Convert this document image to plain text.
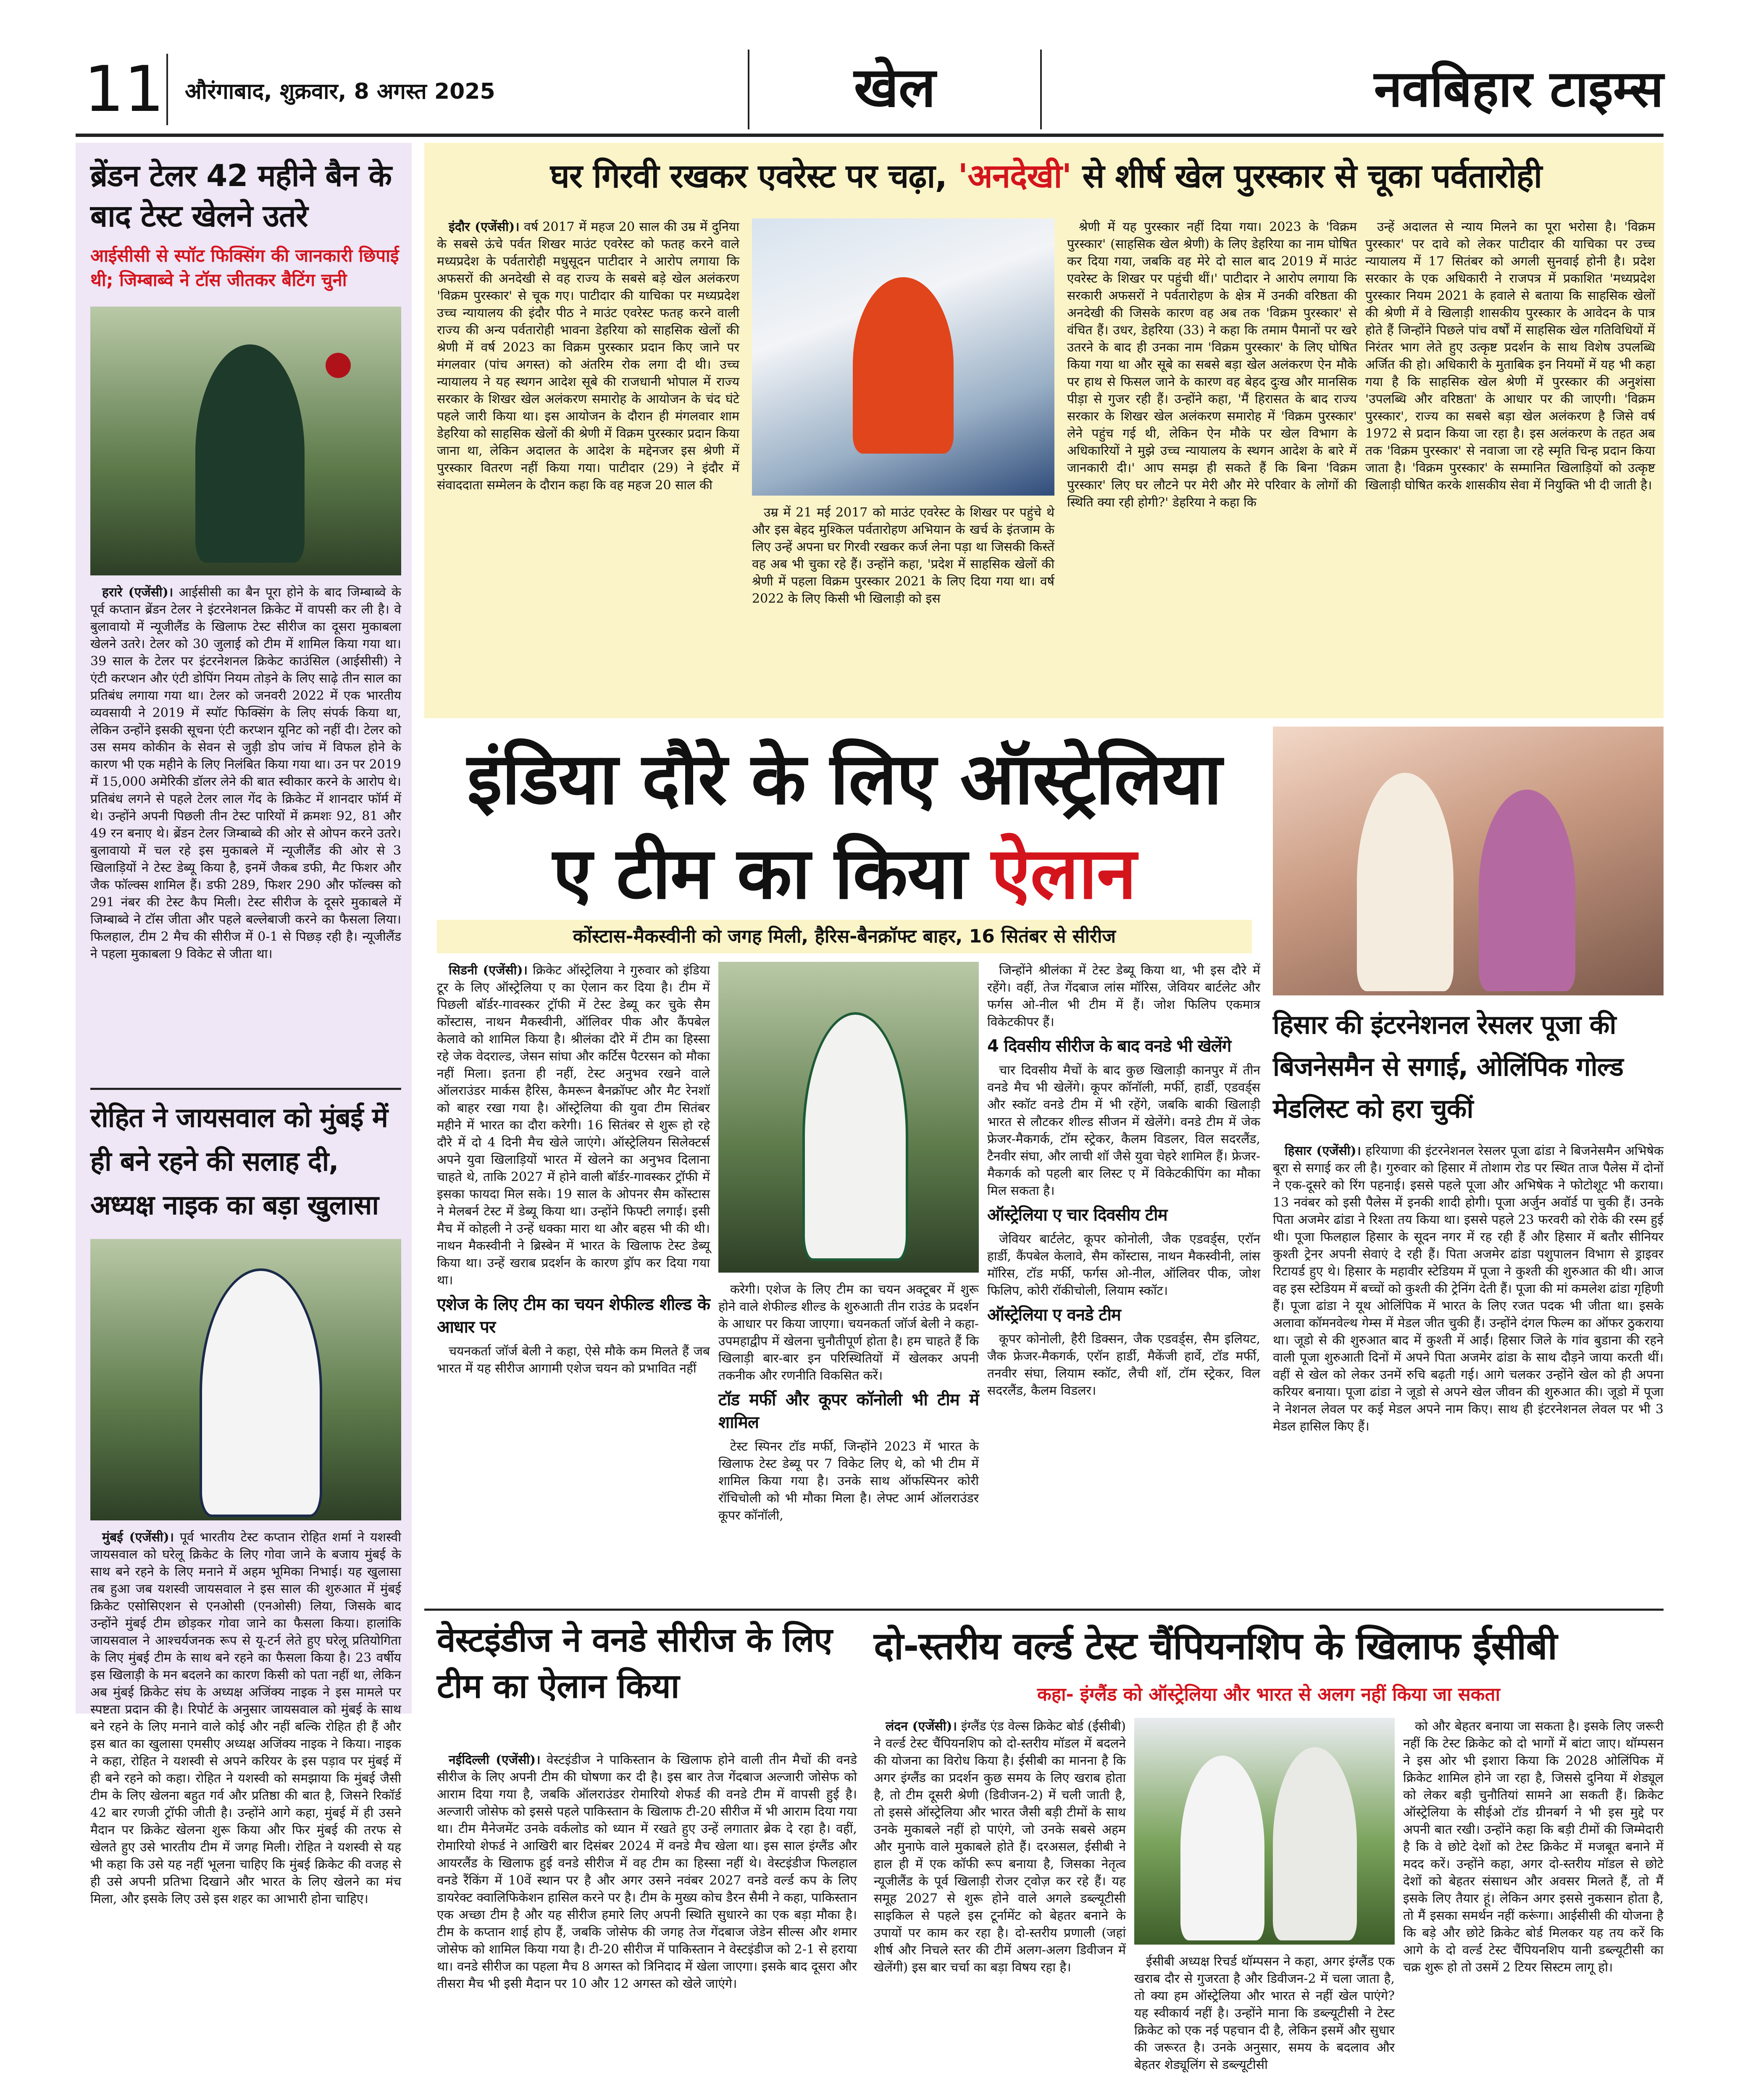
11 औरंगाबाद, शुक्रवार, 8 अगस्त 2025	खेल	नवबिहार टाइम्स
ब्रेंडन टेलर 42 महीने बैन के बाद टेस्ट खेलने उतरे
आईसीसी से स्पॉट फिक्सिंग की जानकारी छिपाई थी; जिम्बाब्वे ने टॉस जीतकर बैटिंग चुनी

हरारे (एजेंसी)। आईसीसी का बैन पूरा होने के बाद जिम्बाब्वे के पूर्व कप्तान ब्रेंडन टेलर ने इंटरनेशनल क्रिकेट में वापसी कर ली है। वे बुलावायो में न्यूजीलैंड के खिलाफ टेस्ट सीरीज का दूसरा मुकाबला खेलने उतरे। टेलर को 30 जुलाई को टीम में शामिल किया गया था। 39 साल के टेलर पर इंटरनेशनल क्रिकेट काउंसिल (आईसीसी) ने एंटी करप्शन और एंटी डोपिंग नियम तोड़ने के लिए साढ़े तीन साल का प्रतिबंध लगाया गया था। टेलर को जनवरी 2022 में एक भारतीय व्यवसायी ने 2019 में स्पॉट फिक्सिंग के लिए संपर्क किया था, लेकिन उन्होंने इसकी सूचना एंटी करप्शन यूनिट को नहीं दी। टेलर को उस समय कोकीन के सेवन से जुड़ी डोप जांच में विफल होने के कारण भी एक महीने के लिए निलंबित किया गया था। उन पर 2019 में 15,000 अमेरिकी डॉलर लेने की बात स्वीकार करने के आरोप थे। प्रतिबंध लगने से पहले टेलर लाल गेंद के क्रिकेट में शानदार फॉर्म में थे। उन्होंने अपनी पिछली तीन टेस्ट पारियों में क्रमशः 92, 81 और 49 रन बनाए थे। ब्रेंडन टेलर जिम्बाब्वे की ओर से ओपन करने उतरे। बुलावायो में चल रहे इस मुकाबले में न्यूजीलैंड की ओर से 3 खिलाड़ियों ने टेस्ट डेब्यू किया है, इनमें जैकब डफी, मैट फिशर और जैक फॉल्क्स शामिल हैं। डफी 289, फिशर 290 और फॉल्क्स को 291 नंबर की टेस्ट कैप मिली। टेस्ट सीरीज के दूसरे मुकाबले में जिम्बाब्वे ने टॉस जीता और पहले बल्लेबाजी करने का फैसला लिया। फिलहाल, टीम 2 मैच की सीरीज में 0-1 से पिछड़ रही है। न्यूजीलैंड ने पहला मुकाबला 9 विकेट से जीता था।

रोहित ने जायसवाल को मुंबई में ही बने रहने की सलाह दी, अध्यक्ष नाइक का बड़ा खुलासा

मुंबई (एजेंसी)। पूर्व भारतीय टेस्ट कप्तान रोहित शर्मा ने यशस्वी जायसवाल को घरेलू क्रिकेट के लिए गोवा जाने के बजाय मुंबई के साथ बने रहने के लिए मनाने में अहम भूमिका निभाई। यह खुलासा तब हुआ जब यशस्वी जायसवाल ने इस साल की शुरुआत में मुंबई क्रिकेट एसोसिएशन से एनओसी (एनओसी) लिया, जिसके बाद उन्होंने मुंबई टीम छोड़कर गोवा जाने का फैसला किया। हालांकि जायसवाल ने आश्चर्यजनक रूप से यू-टर्न लेते हुए घरेलू प्रतियोगिता के लिए मुंबई टीम के साथ बने रहने का फैसला किया है। 23 वर्षीय इस खिलाड़ी के मन बदलने का कारण किसी को पता नहीं था, लेकिन अब मुंबई क्रिकेट संघ के अध्यक्ष अजिंक्य नाइक ने इस मामले पर स्पष्टता प्रदान की है। रिपोर्ट के अनुसार जायसवाल को मुंबई के साथ बने रहने के लिए मनाने वाले कोई और नहीं बल्कि रोहित ही हैं और इस बात का खुलासा एमसीए अध्यक्ष अजिंक्य नाइक ने किया। नाइक ने कहा, रोहित ने यशस्वी से अपने करियर के इस पड़ाव पर मुंबई में ही बने रहने को कहा। रोहित ने यशस्वी को समझाया कि मुंबई जैसी टीम के लिए खेलना बहुत गर्व और प्रतिष्ठा की बात है, जिसने रिकॉर्ड 42 बार रणजी ट्रॉफी जीती है। उन्होंने आगे कहा, मुंबई में ही उसने मैदान पर क्रिकेट खेलना शुरू किया और फिर मुंबई की तरफ से खेलते हुए उसे भारतीय टीम में जगह मिली। रोहित ने यशस्वी से यह भी कहा कि उसे यह नहीं भूलना चाहिए कि मुंबई क्रिकेट की वजह से ही उसे अपनी प्रतिभा दिखाने और भारत के लिए खेलने का मंच मिला, और इसके लिए उसे इस शहर का आभारी होना चाहिए।

घर गिरवी रखकर एवरेस्ट पर चढ़ा, 'अनदेखी' से शीर्ष खेल पुरस्कार से चूका पर्वतारोही

इंदौर (एजेंसी)। वर्ष 2017 में महज 20 साल की उम्र में दुनिया के सबसे ऊंचे पर्वत शिखर माउंट एवरेस्ट को फतह करने वाले मध्यप्रदेश के पर्वतारोही मधुसूदन पाटीदार ने आरोप लगाया कि अफसरों की अनदेखी से वह राज्य के सबसे बड़े खेल अलंकरण 'विक्रम पुरस्कार' से चूक गए। पाटीदार की याचिका पर मध्यप्रदेश उच्च न्यायालय की इंदौर पीठ ने माउंट एवरेस्ट फतह करने वाली राज्य की अन्य पर्वतारोही भावना डेहरिया को साहसिक खेलों की श्रेणी में वर्ष 2023 का विक्रम पुरस्कार प्रदान किए जाने पर मंगलवार (पांच अगस्त) को अंतरिम रोक लगा दी थी। उच्च न्यायालय ने यह स्थगन आदेश सूबे की राजधानी भोपाल में राज्य सरकार के शिखर खेल अलंकरण समारोह के आयोजन के चंद घंटे पहले जारी किया था। इस आयोजन के दौरान ही मंगलवार शाम डेहरिया को साहसिक खेलों की श्रेणी में विक्रम पुरस्कार प्रदान किया जाना था, लेकिन अदालत के आदेश के मद्देनजर इस श्रेणी में पुरस्कार वितरण नहीं किया गया। पाटीदार (29) ने इंदौर में संवाददाता सम्मेलन के दौरान कहा कि वह महज 20 साल की

उम्र में 21 मई 2017 को माउंट एवरेस्ट के शिखर पर पहुंचे थे और इस बेहद मुश्किल पर्वतारोहण अभियान के खर्च के इंतजाम के लिए उन्हें अपना घर गिरवी रखकर कर्ज लेना पड़ा था जिसकी किस्तें वह अब भी चुका रहे हैं। उन्होंने कहा, 'प्रदेश में साहसिक खेलों की श्रेणी में पहला विक्रम पुरस्कार 2021 के लिए दिया गया था। वर्ष 2022 के लिए किसी भी खिलाड़ी को इस

श्रेणी में यह पुरस्कार नहीं दिया गया। 2023 के 'विक्रम पुरस्कार' (साहसिक खेल श्रेणी) के लिए डेहरिया का नाम घोषित कर दिया गया, जबकि वह मेरे दो साल बाद 2019 में माउंट एवरेस्ट के शिखर पर पहुंची थीं।' पाटीदार ने आरोप लगाया कि सरकारी अफसरों ने पर्वतारोहण के क्षेत्र में उनकी वरिष्ठता की अनदेखी की जिसके कारण वह अब तक 'विक्रम पुरस्कार' से वंचित हैं। उधर, डेहरिया (33) ने कहा कि तमाम पैमानों पर खरे उतरने के बाद ही उनका नाम 'विक्रम पुरस्कार' के लिए घोषित किया गया था और सूबे का सबसे बड़ा खेल अलंकरण ऐन मौके पर हाथ से फिसल जाने के कारण वह बेहद दुःख और मानसिक पीड़ा से गुजर रही हैं। उन्होंने कहा, 'मैं हिरासत के बाद राज्य सरकार के शिखर खेल अलंकरण समारोह में 'विक्रम पुरस्कार' लेने पहुंच गई थी, लेकिन ऐन मौके पर खेल विभाग के अधिकारियों ने मुझे उच्च न्यायालय के स्थगन आदेश के बारे में जानकारी दी।' आप समझ ही सकते हैं कि बिना 'विक्रम पुरस्कार' लिए घर लौटने पर मेरी और मेरे परिवार के लोगों की स्थिति क्या रही होगी?' डेहरिया ने कहा कि

उन्हें अदालत से न्याय मिलने का पूरा भरोसा है। 'विक्रम पुरस्कार' पर दावे को लेकर पाटीदार की याचिका पर उच्च न्यायालय में 17 सितंबर को अगली सुनवाई होनी है। प्रदेश सरकार के एक अधिकारी ने राजपत्र में प्रकाशित 'मध्यप्रदेश पुरस्कार नियम 2021 के हवाले से बताया कि साहसिक खेलों की श्रेणी में वे खिलाड़ी शासकीय पुरस्कार के आवेदन के पात्र होते हैं जिन्होंने पिछले पांच वर्षों में साहसिक खेल गतिविधियों में निरंतर भाग लेते हुए उत्कृष्ट प्रदर्शन के साथ विशेष उपलब्धि अर्जित की हो। अधिकारी के मुताबिक इन नियमों में यह भी कहा गया है कि साहसिक खेल श्रेणी में पुरस्कार की अनुशंसा 'उपलब्धि और वरिष्ठता' के आधार पर की जाएगी। 'विक्रम पुरस्कार', राज्य का सबसे बड़ा खेल अलंकरण है जिसे वर्ष 1972 से प्रदान किया जा रहा है। इस अलंकरण के तहत अब तक 'विक्रम पुरस्कार' से नवाजा जा रहे स्मृति चिन्ह प्रदान किया जाता है। 'विक्रम पुरस्कार' के सम्मानित खिलाड़ियों को उत्कृष्ट खिलाड़ी घोषित करके शासकीय सेवा में नियुक्ति भी दी जाती है।

इंडिया दौरे के लिए ऑस्ट्रेलिया
ए टीम का किया ऐलान
कोंस्टास-मैकस्वीनी को जगह मिली, हैरिस-बैनक्रॉफ्ट बाहर, 16 सितंबर से सीरीज

सिडनी (एजेंसी)। क्रिकेट ऑस्ट्रेलिया ने गुरुवार को इंडिया टूर के लिए ऑस्ट्रेलिया ए का ऐलान कर दिया है। टीम में पिछली बॉर्डर-गावस्कर ट्रॉफी में टेस्ट डेब्यू कर चुके सैम कोंस्टास, नाथन मैकस्वीनी, ऑलिवर पीक और कैंपबेल केलावे को शामिल किया है। श्रीलंका दौरे में टीम का हिस्सा रहे जेक वेदराल्ड, जेसन सांघा और कर्टिस पैटरसन को मौका नहीं मिला। इतना ही नहीं, टेस्ट अनुभव रखने वाले ऑलराउंडर मार्कस हैरिस, कैमरून बैनक्रॉफ्ट और मैट रेनशॉ को बाहर रखा गया है। ऑस्ट्रेलिया की युवा टीम सितंबर महीने में भारत का दौरा करेगी। 16 सितंबर से शुरू हो रहे दौरे में दो 4 दिनी मैच खेले जाएंगे। ऑस्ट्रेलियन सिलेक्टर्स अपने युवा खिलाड़ियों भारत में खेलने का अनुभव दिलाना चाहते थे, ताकि 2027 में होने वाली बॉर्डर-गावस्कर ट्रॉफी में इसका फायदा मिल सके। 19 साल के ओपनर सैम कोंस्टास ने मेलबर्न टेस्ट में डेब्यू किया था। उन्होंने फिफ्टी लगाई। इसी मैच में कोहली ने उन्हें धक्का मारा था और बहस भी की थी। नाथन मैकस्वीनी ने ब्रिस्बेन में भारत के खिलाफ टेस्ट डेब्यू किया था। उन्हें खराब प्रदर्शन के कारण ड्रॉप कर दिया गया था।

एशेज के लिए टीम का चयन शेफील्ड शील्ड के आधार पर

चयनकर्ता जॉर्ज बेली ने कहा, ऐसे मौके कम मिलते हैं जब भारत में यह सीरीज आगामी एशेज चयन को प्रभावित नहीं

करेगी। एशेज के लिए टीम का चयन अक्टूबर में शुरू होने वाले शेफील्ड शील्ड के शुरुआती तीन राउंड के प्रदर्शन के आधार पर किया जाएगा। चयनकर्ता जॉर्ज बेली ने कहा- उपमहाद्वीप में खेलना चुनौतीपूर्ण होता है। हम चाहते हैं कि खिलाड़ी बार-बार इन परिस्थितियों में खेलकर अपनी तकनीक और रणनीति विकसित करें।

टॉड मर्फी और कूपर कॉनोली भी टीम में शामिल

टेस्ट स्पिनर टॉड मर्फी, जिन्होंने 2023 में भारत के खिलाफ टेस्ट डेब्यू पर 7 विकेट लिए थे, को भी टीम में शामिल किया गया है। उनके साथ ऑफस्पिनर कोरी रॉचिचोली को भी मौका मिला है। लेफ्ट आर्म ऑलराउंडर कूपर कॉनॉली,

जिन्होंने श्रीलंका में टेस्ट डेब्यू किया था, भी इस दौरे में रहेंगे। वहीं, तेज गेंदबाज लांस मॉरिस, जेवियर बार्टलेट और फर्गस ओ-नील भी टीम में हैं। जोश फिलिप एकमात्र विकेटकीपर हैं।

4 दिवसीय सीरीज के बाद वनडे भी खेलेंगे

चार दिवसीय मैचों के बाद कुछ खिलाड़ी कानपुर में तीन वनडे मैच भी खेलेंगे। कूपर कॉनॉली, मर्फी, हार्डी, एडवर्ड्स और स्कॉट वनडे टीम में भी रहेंगे, जबकि बाकी खिलाड़ी भारत से लौटकर शील्ड सीजन में खेलेंगे। वनडे टीम में जेक फ्रेजर-मैकगर्क, टॉम स्ट्रेकर, कैलम विडलर, विल सदरलैंड, टैनवीर संघा, और लाची शॉ जैसे युवा चेहरे शामिल हैं। फ्रेजर-मैकगर्क को पहली बार लिस्ट ए में विकेटकीपिंग का मौका मिल सकता है।

ऑस्ट्रेलिया ए चार दिवसीय टीम

जेवियर बार्टलेट, कूपर कोनोली, जैक एडवर्ड्स, एरॉन हार्डी, कैंपबेल केलावे, सैम कोंस्टास, नाथन मैकस्वीनी, लांस मॉरिस, टॉड मर्फी, फर्गस ओ-नील, ऑलिवर पीक, जोश फिलिप, कोरी रॉकीचोली, लियाम स्कॉट।

ऑस्ट्रेलिया ए वनडे टीम

कूपर कोनोली, हैरी डिक्सन, जैक एडवर्ड्स, सैम इलियट, जैक फ्रेजर-मैकगर्क, एरॉन हार्डी, मैकेंजी हार्वे, टॉड मर्फी, तनवीर संघा, लियाम स्कॉट, लैची शॉ, टॉम स्ट्रेकर, विल सदरलैंड, कैलम विडलर।

हिसार की इंटरनेशनल रेसलर पूजा की बिजनेसमैन से सगाई, ओलिंपिक गोल्ड मेडलिस्ट को हरा चुकीं

हिसार (एजेंसी)। हरियाणा की इंटरनेशनल रेसलर पूजा ढांडा ने बिजनेसमैन अभिषेक बूरा से सगाई कर ली है। गुरुवार को हिसार में तोशाम रोड पर स्थित ताज पैलेस में दोनों ने एक-दूसरे को रिंग पहनाई। इससे पहले पूजा और अभिषेक ने फोटोशूट भी कराया। 13 नवंबर को इसी पैलेस में इनकी शादी होगी। पूजा अर्जुन अवॉर्ड पा चुकी हैं। उनके पिता अजमेर ढांडा ने रिश्ता तय किया था। इससे पहले 23 फरवरी को रोके की रस्म हुई थी। पूजा फिलहाल हिसार के सूदन नगर में रह रही हैं और हिसार में बतौर सीनियर कुश्ती ट्रेनर अपनी सेवाएं दे रही हैं। पिता अजमेर ढांडा पशुपालन विभाग से ड्राइवर रिटायर्ड हुए थे। हिसार के महावीर स्टेडियम में पूजा ने कुश्ती की शुरुआत की थी। आज वह इस स्टेडियम में बच्चों को कुश्ती की ट्रेनिंग देती हैं। पूजा की मां कमलेश ढांडा गृहिणी हैं। पूजा ढांडा ने यूथ ओलिंपिक में भारत के लिए रजत पदक भी जीता था। इसके अलावा कॉमनवेल्थ गेम्स में मेडल जीत चुकी हैं। उन्होंने दंगल फिल्म का ऑफर ठुकराया था। जूडो से की शुरुआत बाद में कुश्ती में आईं। हिसार जिले के गांव बुडाना की रहने वाली पूजा शुरुआती दिनों में अपने पिता अजमेर ढांडा के साथ दौड़ने जाया करती थीं। वहीं से खेल को लेकर उनमें रुचि बढ़ती गई। आगे चलकर उन्होंने खेल को ही अपना करियर बनाया। पूजा ढांडा ने जूडो से अपने खेल जीवन की शुरुआत की। जूडो में पूजा ने नेशनल लेवल पर कई मेडल अपने नाम किए। साथ ही इंटरनेशनल लेवल पर भी 3 मेडल हासिल किए हैं।

वेस्टइंडीज ने वनडे सीरीज के लिए टीम का ऐलान किया

नईदिल्ली (एजेंसी)। वेस्टइंडीज ने पाकिस्तान के खिलाफ होने वाली तीन मैचों की वनडे सीरीज के लिए अपनी टीम की घोषणा कर दी है। इस बार तेज गेंदबाज अल्जारी जोसेफ को आराम दिया गया है, जबकि ऑलराउंडर रोमारियो शेफर्ड की वनडे टीम में वापसी हुई है। अल्जारी जोसेफ को इससे पहले पाकिस्तान के खिलाफ टी-20 सीरीज में भी आराम दिया गया था। टीम मैनेजमेंट उनके वर्कलोड को ध्यान में रखते हुए उन्हें लगातार ब्रेक दे रहा है। वहीं, रोमारियो शेफर्ड ने आखिरी बार दिसंबर 2024 में वनडे मैच खेला था। इस साल इंग्लैंड और आयरलैंड के खिलाफ हुई वनडे सीरीज में वह टीम का हिस्सा नहीं थे। वेस्टइंडीज फिलहाल वनडे रैंकिंग में 10वें स्थान पर है और अगर उसने नवंबर 2027 वनडे वर्ल्ड कप के लिए डायरेक्ट क्वालिफिकेशन हासिल करने पर है। टीम के मुख्य कोच डैरन सैमी ने कहा, पाकिस्तान एक अच्छा टीम है और यह सीरीज हमारे लिए अपनी स्थिति सुधारने का एक बड़ा मौका है। टीम के कप्तान शाई होप हैं, जबकि जोसेफ की जगह तेज गेंदबाज जेडेन सील्स और शमार जोसेफ को शामिल किया गया है। टी-20 सीरीज में पाकिस्तान ने वेस्टइंडीज को 2-1 से हराया था। वनडे सीरीज का पहला मैच 8 अगस्त को त्रिनिदाद में खेला जाएगा। इसके बाद दूसरा और तीसरा मैच भी इसी मैदान पर 10 और 12 अगस्त को खेले जाएंगे।

दो-स्तरीय वर्ल्ड टेस्ट चैंपियनशिप के खिलाफ ईसीबी
कहा- इंग्लैंड को ऑस्ट्रेलिया और भारत से अलग नहीं किया जा सकता

लंदन (एजेंसी)। इंग्लैंड एंड वेल्स क्रिकेट बोर्ड (ईसीबी) ने वर्ल्ड टेस्ट चैंपियनशिप को दो-स्तरीय मॉडल में बदलने की योजना का विरोध किया है। ईसीबी का मानना है कि अगर इंग्लैंड का प्रदर्शन कुछ समय के लिए खराब होता है, तो टीम दूसरी श्रेणी (डिवीजन-2) में चली जाती है, तो इससे ऑस्ट्रेलिया और भारत जैसी बड़ी टीमों के साथ उनके मुकाबले नहीं हो पाएंगे, जो उनके सबसे अहम और मुनाफे वाले मुकाबले होते हैं। दरअसल, ईसीबी ने हाल ही में एक कॉफी रूप बनाया है, जिसका नेतृत्व न्यूजीलैंड के पूर्व खिलाड़ी रोजर ट्वोज़ कर रहे हैं। यह समूह 2027 से शुरू होने वाले अगले डब्ल्यूटीसी साइकिल से पहले इस टूर्नामेंट को बेहतर बनाने के उपायों पर काम कर रहा है। दो-स्तरीय प्रणाली (जहां शीर्ष और निचले स्तर की टीमें अलग-अलग डिवीजन में खेलेंगी) इस बार चर्चा का बड़ा विषय रहा है।	ईसीबी अध्यक्ष रिचर्ड थॉम्पसन ने कहा, अगर इंग्लैंड एक खराब दौर से गुजरता है और डिवीजन-2 में चला जाता है, तो क्या हम ऑस्ट्रेलिया और भारत से नहीं खेल पाएंगे? यह स्वीकार्य नहीं है। उन्होंने माना कि डब्ल्यूटीसी ने टेस्ट क्रिकेट को एक नई पहचान दी है, लेकिन इसमें और सुधार की जरूरत है। उनके अनुसार, समय के बदलाव और बेहतर शेड्यूलिंग से डब्ल्यूटीसी

को और बेहतर बनाया जा सकता है। इसके लिए जरूरी नहीं कि टेस्ट क्रिकेट को दो भागों में बांटा जाए। थॉम्पसन ने इस ओर भी इशारा किया कि 2028 ओलिंपिक में क्रिकेट शामिल होने जा रहा है, जिससे दुनिया में शेड्यूल को लेकर बड़ी चुनौतियां सामने आ सकती हैं। क्रिकेट ऑस्ट्रेलिया के सीईओ टॉड ग्रीनबर्ग ने भी इस मुद्दे पर अपनी बात रखी। उन्होंने कहा कि बड़ी टीमों की जिम्मेदारी है कि वे छोटे देशों को टेस्ट क्रिकेट में मजबूत बनाने में मदद करें। उन्होंने कहा, अगर दो-स्तरीय मॉडल से छोटे देशों को बेहतर संसाधन और अवसर मिलते हैं, तो मैं इसके लिए तैयार हूं। लेकिन अगर इससे नुकसान होता है, तो मैं इसका समर्थन नहीं करूंगा। आईसीसी की योजना है कि बड़े और छोटे क्रिकेट बोर्ड मिलकर यह तय करें कि आगे के दो वर्ल्ड टेस्ट चैंपियनशिप यानी डब्ल्यूटीसी का चक्र शुरू हो तो उसमें 2 टियर सिस्टम लागू हो।
